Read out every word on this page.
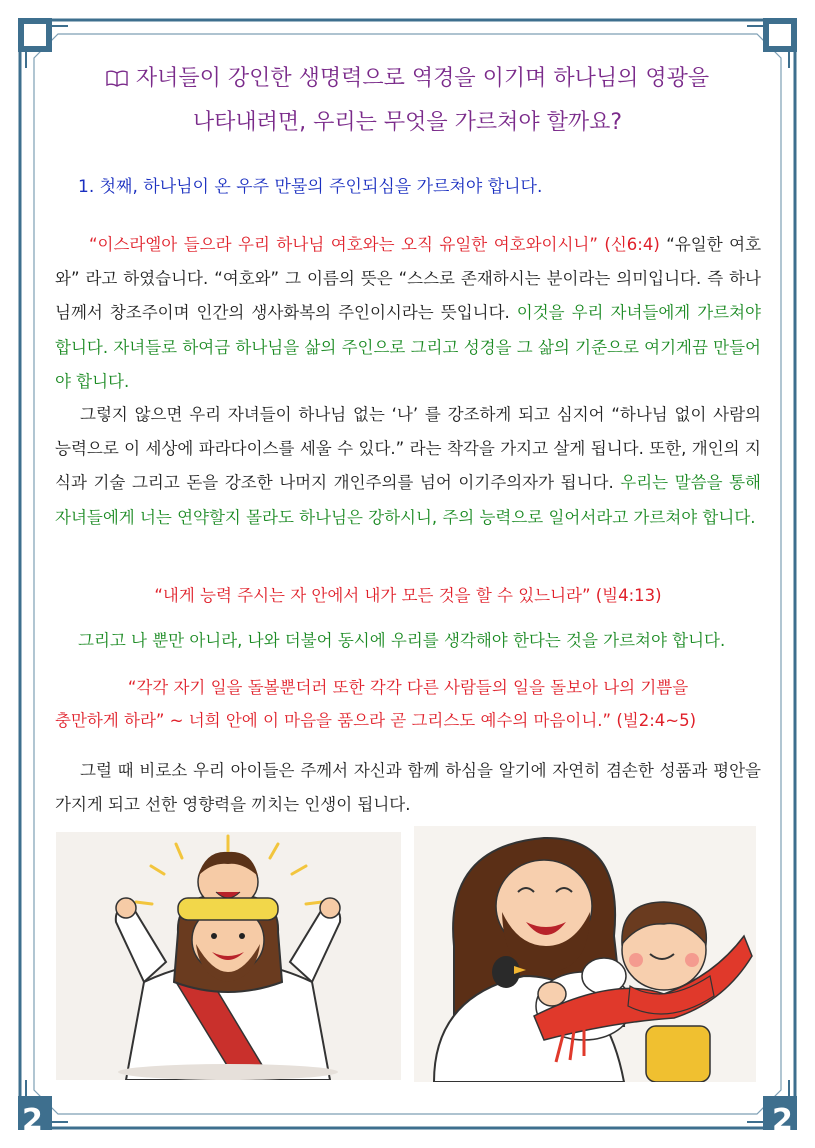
2	2
자녀들이 강인한 생명력으로 역경을 이기며 하나님의 영광을
나타내려면, 우리는 무엇을 가르쳐야 할까요?
1. 첫째, 하나님이 온 우주 만물의 주인되심을 가르쳐야 합니다.
“이스라엘아 들으라 우리 하나님 여호와는 오직 유일한 여호와이시니” (신6:4) “유일한 여호와” 라고 하였습니다. “여호와” 그 이름의 뜻은 “스스로 존재하시는 분이라는 의미입니다. 즉 하나님께서 창조주이며 인간의 생사화복의 주인이시라는 뜻입니다. 이것을 우리 자녀들에게 가르쳐야 합니다. 자녀들로 하여금 하나님을 삶의 주인으로 그리고 성경을 그 삶의 기준으로 여기게끔 만들어야 합니다.
그렇지 않으면 우리 자녀들이 하나님 없는 ‘나’ 를 강조하게 되고 심지어 “하나님 없이 사람의 능력으로 이 세상에 파라다이스를 세울 수 있다.” 라는 착각을 가지고 살게 됩니다. 또한, 개인의 지식과 기술 그리고 돈을 강조한 나머지 개인주의를 넘어 이기주의자가 됩니다. 우리는 말씀을 통해 자녀들에게 너는 연약할지 몰라도 하나님은 강하시니, 주의 능력으로 일어서라고 가르쳐야 합니다.
“내게 능력 주시는 자 안에서 내가 모든 것을 할 수 있느니라” (빌4:13)
그리고 나 뿐만 아니라, 나와 더불어 동시에 우리를 생각해야 한다는 것을 가르쳐야 합니다.
“각각 자기 일을 돌볼뿐더러 또한 각각 다른 사람들의 일을 돌보아 나의 기쁨을
충만하게 하라” ~ 너희 안에 이 마음을 품으라 곧 그리스도 예수의 마음이니.” (빌2:4~5)
그럴 때 비로소 우리 아이들은 주께서 자신과 함께 하심을 알기에 자연히 겸손한 성품과 평안을 가지게 되고 선한 영향력을 끼치는 인생이 됩니다.
